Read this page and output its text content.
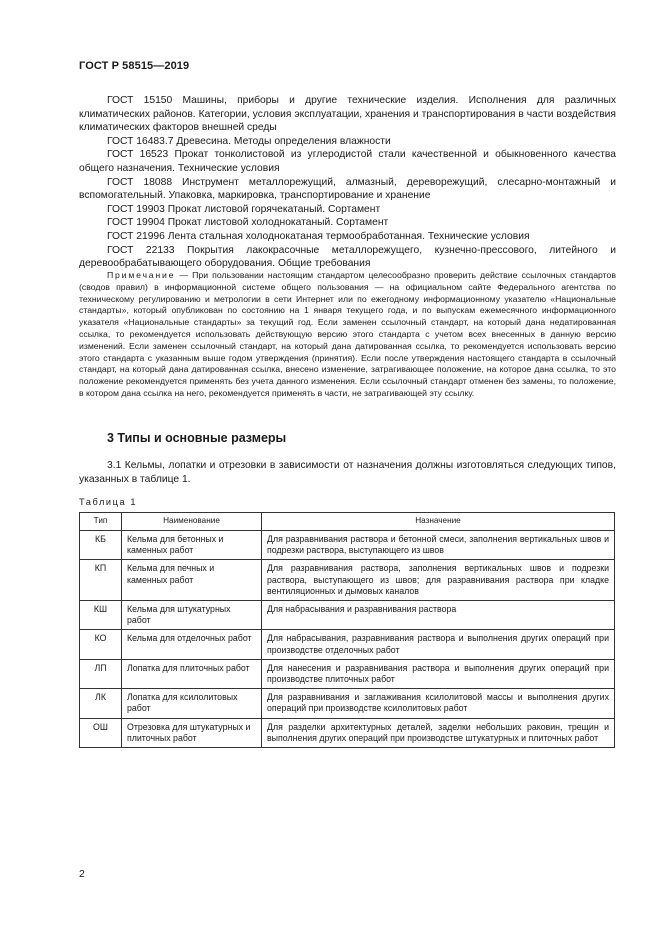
ГОСТ Р 58515—2019

ГОСТ 15150 Машины, приборы и другие технические изделия. Исполнения для различных климатических районов. Категории, условия эксплуатации, хранения и транспортирования в части воздействия климатических факторов внешней среды

ГОСТ 16483.7 Древесина. Методы определения влажности

ГОСТ 16523 Прокат тонколистовой из углеродистой стали качественной и обыкновенного качества общего назначения. Технические условия

ГОСТ 18088 Инструмент металлорежущий, алмазный, дереворежущий, слесарно-монтажный и вспомогательный. Упаковка, маркировка, транспортирование и хранение

ГОСТ 19903 Прокат листовой горячекатаный. Сортамент

ГОСТ 19904 Прокат листовой холоднокатаный. Сортамент

ГОСТ 21996 Лента стальная холоднокатаная термообработанная. Технические условия

ГОСТ 22133 Покрытия лакокрасочные металлорежущего, кузнечно-прессового, литейного и деревообрабатывающего оборудования. Общие требования

Примечание — При пользовании настоящим стандартом целесообразно проверить действие ссылочных стандартов (сводов правил) в информационной системе общего пользования — на официальном сайте Федерального агентства по техническому регулированию и метрологии в сети Интернет или по ежегодному информационному указателю «Национальные стандарты», который опубликован по состоянию на 1 января текущего года, и по выпускам ежемесячного информационного указателя «Национальные стандарты» за текущий год. Если заменен ссылочный стандарт, на который дана недатированная ссылка, то рекомендуется использовать действующую версию этого стандарта с учетом всех внесенных в данную версию изменений. Если заменен ссылочный стандарт, на который дана датированная ссылка, то рекомендуется использовать версию этого стандарта с указанным выше годом утверждения (принятия). Если после утверждения настоящего стандарта в ссылочный стандарт, на который дана датированная ссылка, внесено изменение, затрагивающее положение, на которое дана ссылка, то это положение рекомендуется применять без учета данного изменения. Если ссылочный стандарт отменен без замены, то положение, в котором дана ссылка на него, рекомендуется применять в части, не затрагивающей эту ссылку.

3 Типы и основные размеры

3.1 Кельмы, лопатки и отрезовки в зависимости от назначения должны изготовляться следующих типов, указанных в таблице 1.

Таблица 1
Тип	Наименование	Назначение
КБ	Кельма для бетонных и каменных работ	Для разравнивания раствора и бетонной смеси, заполнения вертикальных швов и подрезки раствора, выступающего из швов
КП	Кельма для печных и каменных работ	Для разравнивания раствора, заполнения вертикальных швов и подрезки раствора, выступающего из швов; для разравнивания раствора при кладке вентиляционных и дымовых каналов
КШ	Кельма для штукатурных работ	Для набрасывания и разравнивания раствора
КО	Кельма для отделочных работ	Для набрасывания, разравнивания раствора и выполнения других операций при производстве отделочных работ
ЛП	Лопатка для плиточных работ	Для нанесения и разравнивания раствора и выполнения других операций при производстве плиточных работ
ЛК	Лопатка для ксилолитовых работ	Для разравнивания и заглаживания ксилолитовой массы и выполнения других операций при производстве ксилолитовых работ
ОШ	Отрезовка для штукатурных и плиточных работ	Для разделки архитектурных деталей, заделки небольших раковин, трещин и выполнения других операций при производстве штукатурных и плиточных работ
2
